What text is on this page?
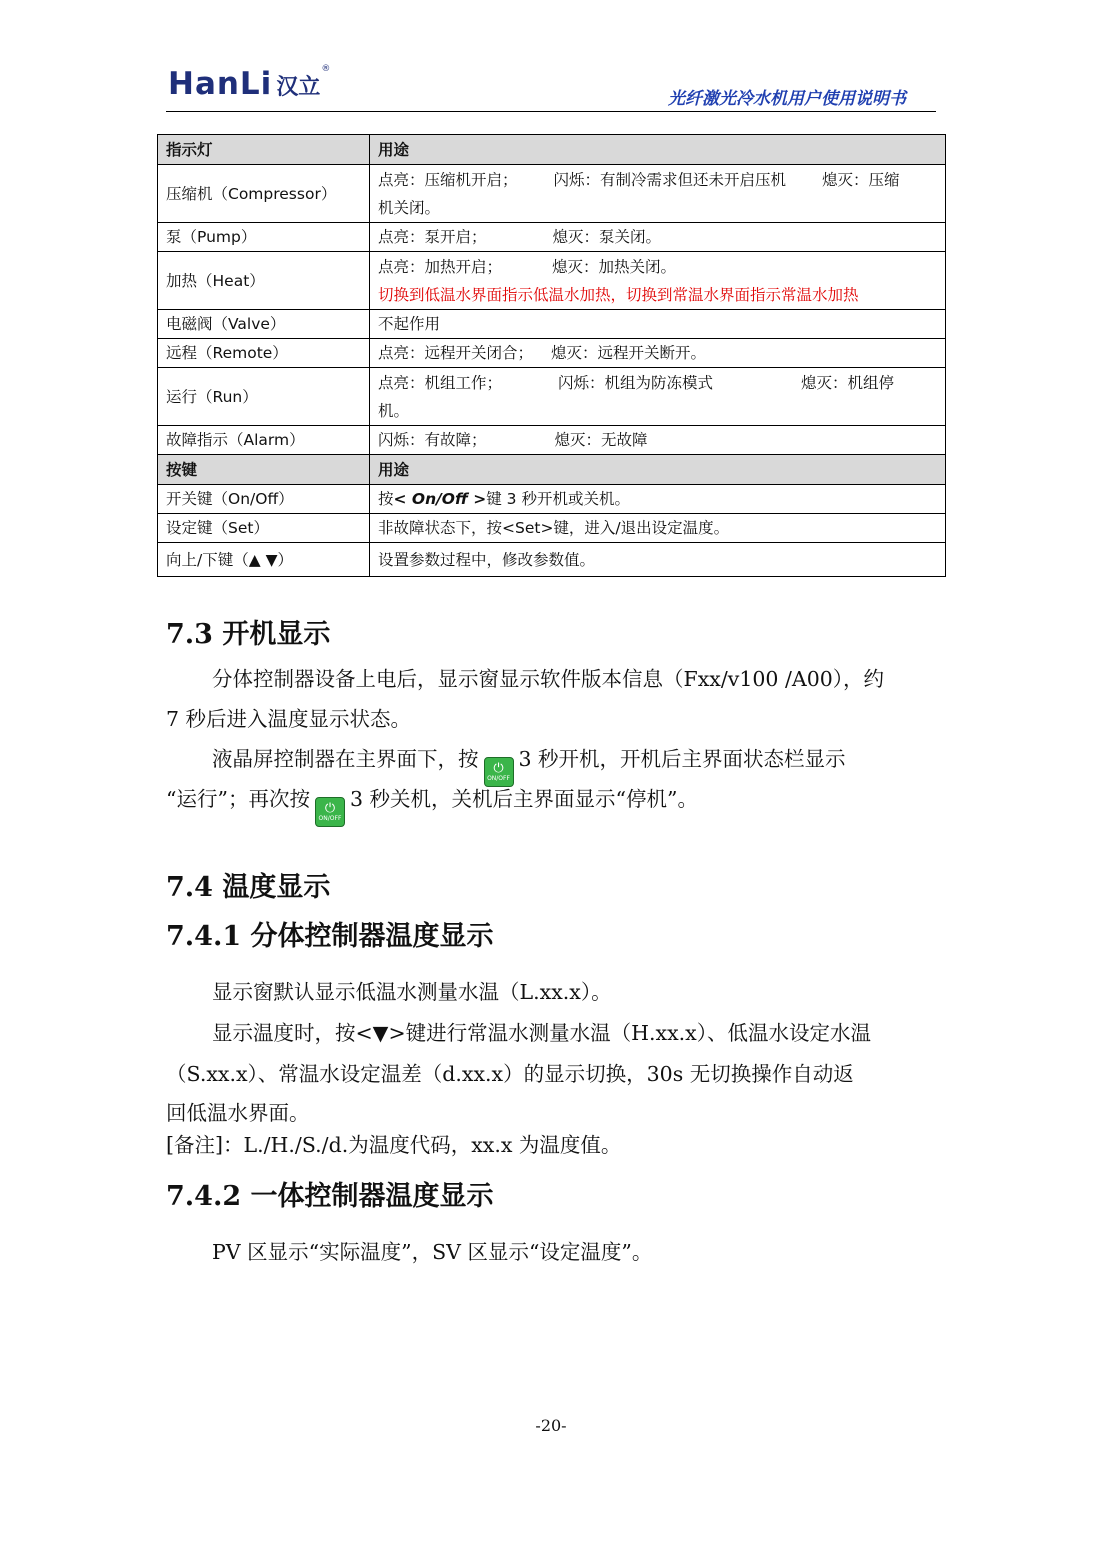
HanLi 汉立
®
光纤激光冷水机用户使用说明书
指示灯	用途
压缩机（Compressor）	点亮：压缩机开启； 闪烁：有制冷需求但还未开启压机 熄灭：压缩
机关闭。

泵（Pump）	点亮：泵开启； 熄灭：泵关闭。
加热（Heat）	点亮：加热开启； 熄灭：加热关闭。
切换到低温水界面指示低温水加热，切换到常温水界面指示常温水加热

电磁阀（Valve）	不起作用
远程（Remote）	点亮：远程开关闭合； 熄灭：远程开关断开。
运行（Run）	点亮：机组工作； 闪烁：机组为防冻模式 熄灭：机组停
机。

故障指示（Alarm）	闪烁：有故障； 熄灭：无故障
按键	用途
开关键（On/Off）	按< On/Off >键 3 秒开机或关机。
设定键（Set）	非故障状态下，按<Set>键，进入/退出设定温度。
向上/下键（▲ ▼）	设置参数过程中，修改参数值。
7.3 开机显示
分体控制器设备上电后，显示窗显示软件版本信息（Fxx/v100 /A00），约
7 秒后进入温度显示状态。
液晶屏控制器在主界面下，按 ⏻
ON/OFF
3 秒开机，开机后主界面状态栏显示
“运行”；再次按 ⏻
ON/OFF
3 秒关机，关机后主界面显示“停机”。
7.4 温度显示
7.4.1 分体控制器温度显示
显示窗默认显示低温水测量水温（L.xx.x）。
显示温度时，按<▼>键进行常温水测量水温（H.xx.x）、低温水设定水温
（S.xx.x）、常温水设定温差（d.xx.x）的显示切换，30s 无切换操作自动返
回低温水界面。
[备注]：L./H./S./d.为温度代码，xx.x 为温度值。
7.4.2 一体控制器温度显示
PV 区显示“实际温度”，SV 区显示“设定温度”。
-20-
